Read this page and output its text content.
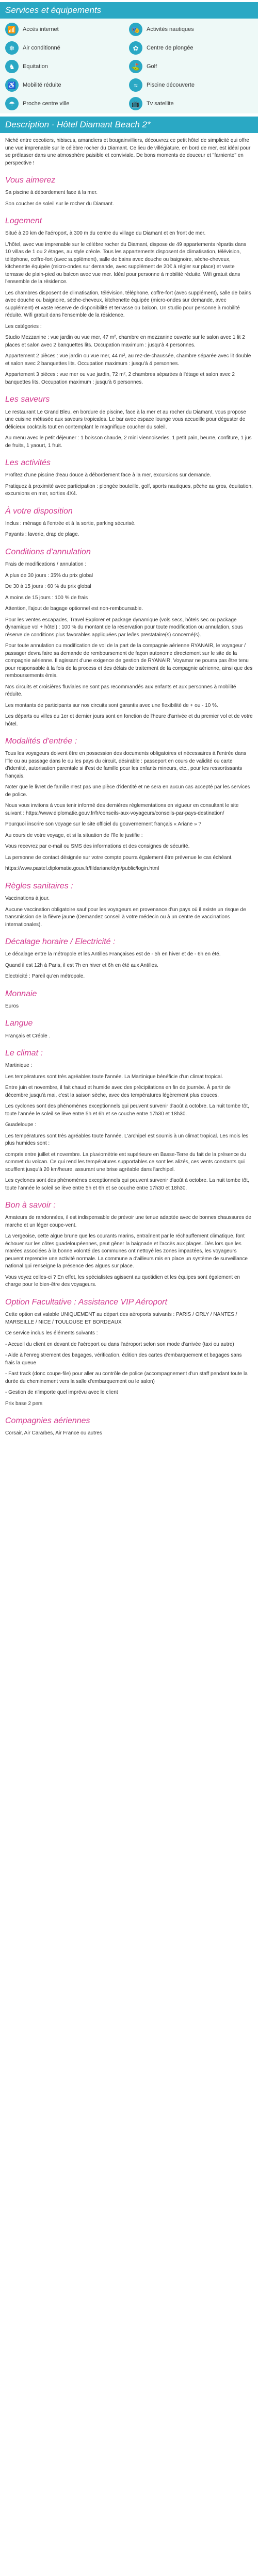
Services et équipements
📶	Accès internet	🎭	Activités nautiques
❄	Air conditionné	✿	Centre de plongée
♞	Equitation	⛳	Golf
♿	Mobilité réduite	≈	Piscine découverte
☂	Proche centre ville	📺	Tv satellite
Description - Hôtel Diamant Beach 2*

Niché entre cocotiers, hibiscus, amandiers et bougainvilliers, découvrez ce petit hôtel de simplicité qui offre une vue imprenable sur le célèbre rocher du Diamant. Ce lieu de villégiature, en bord de mer, est idéal pour se prélasser dans une atmosphère paisible et conviviale. De bons moments de douceur et "farniente" en perspective !

Vous aimerez

Sa piscine à débordement face à la mer.

Son coucher de soleil sur le rocher du Diamant.

Logement

Situé à 20 km de l'aéroport, à 300 m du centre du village du Diamant et en front de mer.

L'hôtel, avec vue imprenable sur le célèbre rocher du Diamant, dispose de 49 appartements répartis dans 10 villas de 1 ou 2 étages, au style créole. Tous les appartements disposent de climatisation, télévision, téléphone, coffre-fort (avec supplément), salle de bains avec douche ou baignoire, sèche-cheveux, kitchenette équipée (micro-ondes sur demande, avec supplément de 20€ à régler sur place) et vaste terrasse de plain-pied ou balcon avec vue mer. Idéal pour personne à mobilité réduite. Wifi gratuit dans l'ensemble de la résidence.

Les chambres disposent de climatisation, télévision, téléphone, coffre-fort (avec supplément), salle de bains avec douche ou baignoire, sèche-cheveux, kitchenette équipée (micro-ondes sur demande, avec supplément) et vaste réserve de disponibilité et terrasse ou balcon. Un studio pour personne à mobilité réduite. Wifi gratuit dans l'ensemble de la résidence.

Les catégories :

Studio Mezzanine : vue jardin ou vue mer, 47 m², chambre en mezzanine ouverte sur le salon avec 1 lit 2 places et salon avec 2 banquettes lits. Occupation maximum : jusqu'à 4 personnes.

Appartement 2 pièces : vue jardin ou vue mer, 44 m², au rez-de-chaussée, chambre séparée avec lit double et salon avec 2 banquettes lits. Occupation maximum : jusqu'à 4 personnes.

Appartement 3 pièces : vue mer ou vue jardin, 72 m², 2 chambres séparées à l'étage et salon avec 2 banquettes lits. Occupation maximum : jusqu'à 6 personnes.

Les saveurs

Le restaurant Le Grand Bleu, en bordure de piscine, face à la mer et au rocher du Diamant, vous propose une cuisine métissée aux saveurs tropicales. Le bar avec espace lounge vous accueille pour déguster de délicieux cocktails tout en contemplant le magnifique coucher du soleil.

Au menu avec le petit déjeuner : 1 boisson chaude, 2 mini viennoiseries, 1 petit pain, beurre, confiture, 1 jus de fruits, 1 yaourt, 1 fruit.

Les activités

Profitez d'une piscine d'eau douce à débordement face à la mer, excursions sur demande.

Pratiquez à proximité avec participation : plongée bouteille, golf, sports nautiques, pêche au gros, équitation, excursions en mer, sorties 4X4.

À votre disposition

Inclus : ménage à l'entrée et à la sortie, parking sécurisé.

Payants : laverie, drap de plage.

Conditions d'annulation

Frais de modifications / annulation :

A plus de 30 jours : 35% du prix global

De 30 à 15 jours : 60 % du prix global

A moins de 15 jours : 100 % de frais

Attention, l'ajout de bagage optionnel est non-remboursable.

Pour les ventes escapades, Travel Explorer et package dynamique (vols secs, hôtels sec ou package dynamique vol + hôtel) : 100 % du montant de la réservation pour toute modification ou annulation, sous réserve de conditions plus favorables appliquées par le/les prestataire(s) concerné(s).

Pour toute annulation ou modification de vol de la part de la compagnie aérienne RYANAIR, le voyageur / passager devra faire sa demande de remboursement de façon autonome directement sur le site de la compagnie aérienne. Il agissant d'une exigence de gestion de RYANAIR, Voyamar ne pourra pas être tenu pour responsable à la fois de la process et des délais de traitement de la compagnie aérienne, ainsi que des remboursements émis.

Nos circuits et croisières fluviales ne sont pas recommandés aux enfants et aux personnes à mobilité réduite.

Les montants de participants sur nos circuits sont garantis avec une flexibilité de + ou - 10 %.

Les départs ou villes du 1er et dernier jours sont en fonction de l'heure d'arrivée et du premier vol et de votre hôtel.

Modalités d'entrée :

Tous les voyageurs doivent être en possession des documents obligatoires et nécessaires à l'entrée dans l'île ou au passage dans le ou les pays du circuit, désirable : passeport en cours de validité ou carte d'identité, autorisation parentale si il'est de famille pour les enfants mineurs, etc., pour les ressortissants français.

Noter que le livret de famille n'est pas une pièce d'identité et ne sera en aucun cas accepté par les services de police.

Nous vous invitons à vous tenir informé des dernières réglementations en vigueur en consultant le site suivant : https://www.diplomatie.gouv.fr/fr/conseils-aux-voyageurs/conseils-par-pays-destination/

Pourquoi inscrire son voyage sur le site officiel du gouvernement français « Ariane » ?

Au cours de votre voyage, et si la situation de l'île le justifie :

Vous recevrez par e-mail ou SMS des informations et des consignes de sécurité.

La personne de contact désignée sur votre compte pourra également être prévenue le cas échéant.

https://www.pastel.diplomatie.gouv.fr/fildariane/dyn/public/login.html

Règles sanitaires :

Vaccinations à jour.

Aucune vaccination obligatoire sauf pour les voyageurs en provenance d'un pays où il existe un risque de transmission de la fièvre jaune (Demandez conseil à votre médecin ou à un centre de vaccinations internationales).

Décalage horaire / Electricité :

Le décalage entre la métropole et les Antilles Françaises est de - 5h en hiver et de - 6h en été.

Quand il est 12h à Paris, il est 7h en hiver et 6h en été aux Antilles.

Electricité : Pareil qu'en métropole.

Monnaie

Euros

Langue

Français et Créole .

Le climat :

Martinique :

Les températures sont très agréables toute l'année. La Martinique bénéficie d'un climat tropical.

Entre juin et novembre, il fait chaud et humide avec des précipitations en fin de journée. À partir de décembre jusqu'à mai, c'est la saison sèche, avec des températures légèrement plus douces.

Les cyclones sont des phénomènes exceptionnels qui peuvent survenir d'août à octobre. La nuit tombe tôt, toute l'année le soleil se lève entre 5h et 6h et se couche entre 17h30 et 18h30.

Guadeloupe :

Les températures sont très agréables toute l'année. L'archipel est soumis à un climat tropical. Les mois les plus humides sont :

compris entre juillet et novembre. La pluviométrie est supérieure en Basse-Terre du fait de la présence du sommet du volcan. Ce qui rend les températures supportables ce sont les alizés, ces vents constants qui soufflent jusqu'à 20 km/heure, assurant une brise agréable dans l'archipel.

Les cyclones sont des phénomènes exceptionnels qui peuvent survenir d'août à octobre. La nuit tombe tôt, toute l'année le soleil se lève entre 5h et 6h et se couche entre 17h30 et 18h30.

Bon à savoir :

Amateurs de randonnées, il est indispensable de prévoir une tenue adaptée avec de bonnes chaussures de marche et un léger coupe-vent.

La vergeoise, cette algue brune que les courants marins, entraînent par le réchauffement climatique, font échouer sur les côtes guadeloupéennes, peut gêner la baignade et l'accès aux plages. Dès lors que les marées associées à la bonne volonté des communes ont nettoyé les zones impactées, les voyageurs peuvent reprendre une activité normale. La commune a d'ailleurs mis en place un système de surveillance national qui renseigne la présence des algues sur place.

Vous voyez celles-ci ? En effet, les spécialistes agissent au quotidien et les équipes sont également en charge pour le bien-être des voyageurs.

Option Facultative : Assistance VIP Aéroport

Cette option est valable UNIQUEMENT au départ des aéroports suivants : PARIS / ORLY / NANTES / MARSEILLE / NICE / TOULOUSE ET BORDEAUX

Ce service inclus les éléments suivants :

- Accueil du client en devant de l'aéroport ou dans l'aéroport selon son mode d'arrivée (taxi ou autre)

- Aide à l'enregistrement des bagages, vérification, édition des cartes d'embarquement et bagages sans frais la queue

- Fast track (donc coupe-file) pour aller au contrôle de police (accompagnement d'un staff pendant toute la durée du cheminement vers la salle d'embarquement ou le salon)

- Gestion de n'importe quel imprévu avec le client

Prix base 2 pers

Compagnies aériennes

Corsair, Air Caraïbes, Air France ou autres
